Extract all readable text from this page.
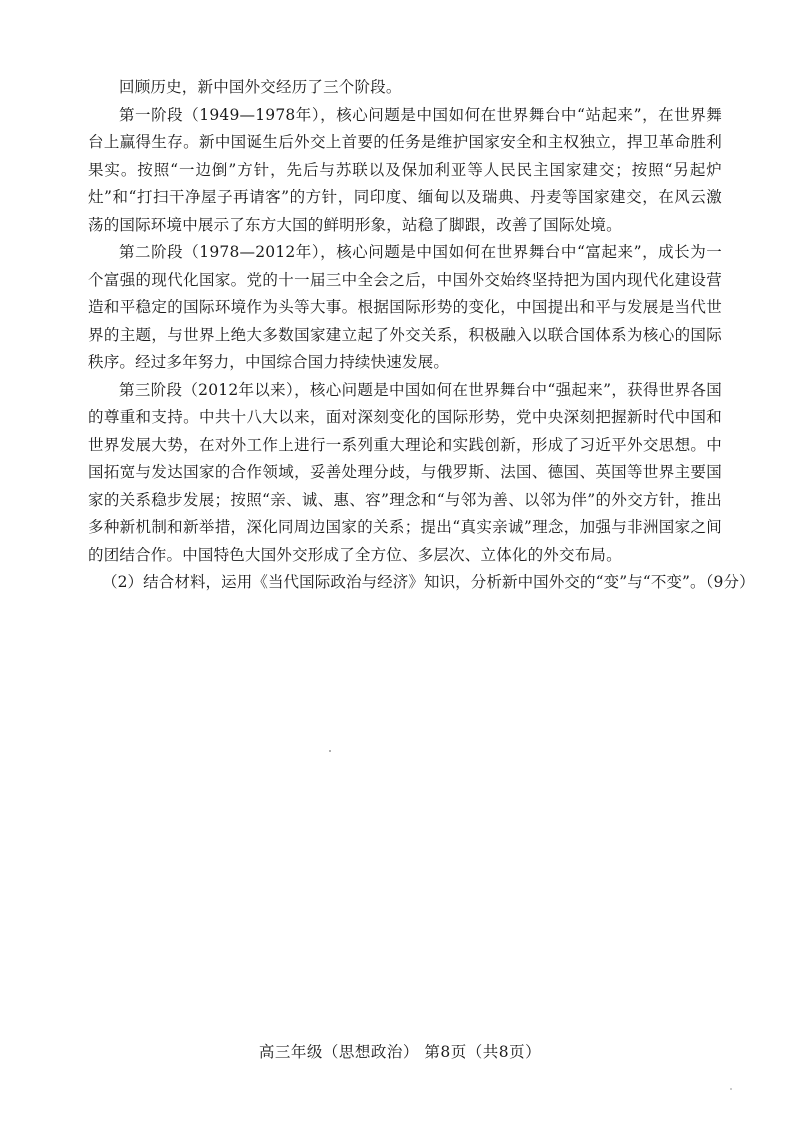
回顾历史，新中国外交经历了三个阶段。

第一阶段（1949—1978年），核心问题是中国如何在世界舞台中“站起来”，在世界舞台上赢得生存。新中国诞生后外交上首要的任务是维护国家安全和主权独立，捍卫革命胜利果实。按照“一边倒”方针，先后与苏联以及保加利亚等人民民主国家建交；按照“另起炉灶”和“打扫干净屋子再请客”的方针，同印度、缅甸以及瑞典、丹麦等国家建交，在风云激荡的国际环境中展示了东方大国的鲜明形象，站稳了脚跟，改善了国际处境。

第二阶段（1978—2012年），核心问题是中国如何在世界舞台中“富起来”，成长为一个富强的现代化国家。党的十一届三中全会之后，中国外交始终坚持把为国内现代化建设营造和平稳定的国际环境作为头等大事。根据国际形势的变化，中国提出和平与发展是当代世界的主题，与世界上绝大多数国家建立起了外交关系，积极融入以联合国体系为核心的国际秩序。经过多年努力，中国综合国力持续快速发展。

第三阶段（2012年以来），核心问题是中国如何在世界舞台中“强起来”，获得世界各国的尊重和支持。中共十八大以来，面对深刻变化的国际形势，党中央深刻把握新时代中国和世界发展大势，在对外工作上进行一系列重大理论和实践创新，形成了习近平外交思想。中国拓宽与发达国家的合作领域，妥善处理分歧，与俄罗斯、法国、德国、英国等世界主要国家的关系稳步发展；按照“亲、诚、惠、容”理念和“与邻为善、以邻为伴”的外交方针，推出多种新机制和新举措，深化同周边国家的关系；提出“真实亲诚”理念，加强与非洲国家之间的团结合作。中国特色大国外交形成了全方位、多层次、立体化的外交布局。

（2）结合材料，运用《当代国际政治与经济》知识，分析新中国外交的“变”与“不变”。（9分）

高三年级（思想政治） 第8页（共8页）
